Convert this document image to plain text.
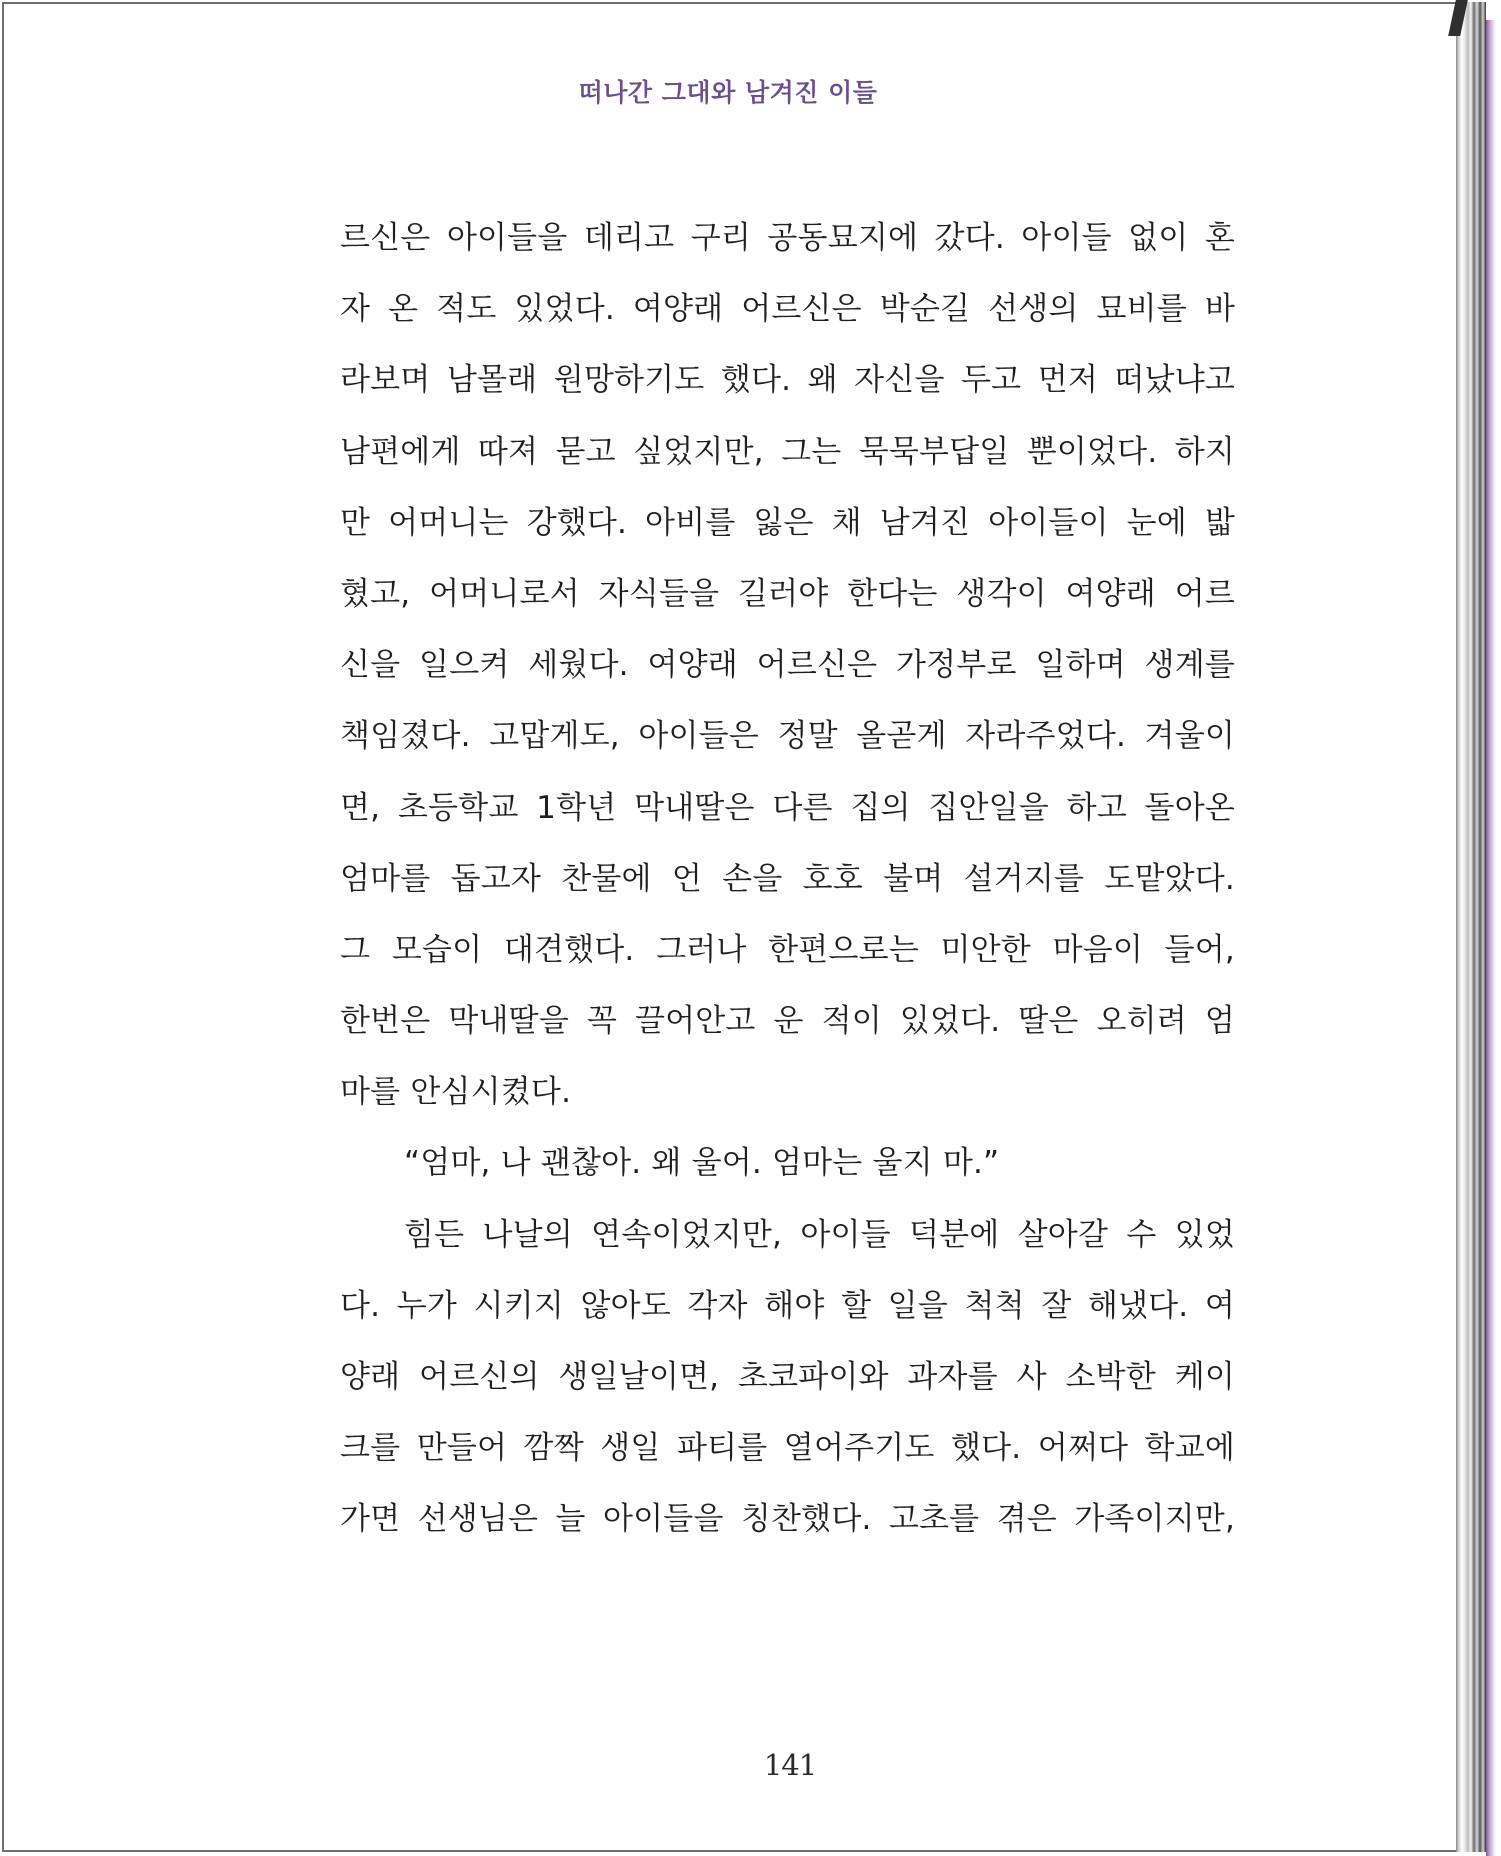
떠나간 그대와 남겨진 이들
르신은 아이들을 데리고 구리 공동묘지에 갔다. 아이들 없이 혼
자 온 적도 있었다. 여양래 어르신은 박순길 선생의 묘비를 바
라보며 남몰래 원망하기도 했다. 왜 자신을 두고 먼저 떠났냐고
남편에게 따져 묻고 싶었지만, 그는 묵묵부답일 뿐이었다. 하지
만 어머니는 강했다. 아비를 잃은 채 남겨진 아이들이 눈에 밟
혔고, 어머니로서 자식들을 길러야 한다는 생각이 여양래 어르
신을 일으켜 세웠다. 여양래 어르신은 가정부로 일하며 생계를
책임졌다. 고맙게도, 아이들은 정말 올곧게 자라주었다. 겨울이
면, 초등학교 1학년 막내딸은 다른 집의 집안일을 하고 돌아온
엄마를 돕고자 찬물에 언 손을 호호 불며 설거지를 도맡았다.
그 모습이 대견했다. 그러나 한편으로는 미안한 마음이 들어,
한번은 막내딸을 꼭 끌어안고 운 적이 있었다. 딸은 오히려 엄
마를 안심시켰다.
“엄마, 나 괜찮아. 왜 울어. 엄마는 울지 마.”
힘든 나날의 연속이었지만, 아이들 덕분에 살아갈 수 있었
다. 누가 시키지 않아도 각자 해야 할 일을 척척 잘 해냈다. 여
양래 어르신의 생일날이면, 초코파이와 과자를 사 소박한 케이
크를 만들어 깜짝 생일 파티를 열어주기도 했다. 어쩌다 학교에
가면 선생님은 늘 아이들을 칭찬했다. 고초를 겪은 가족이지만,
141
